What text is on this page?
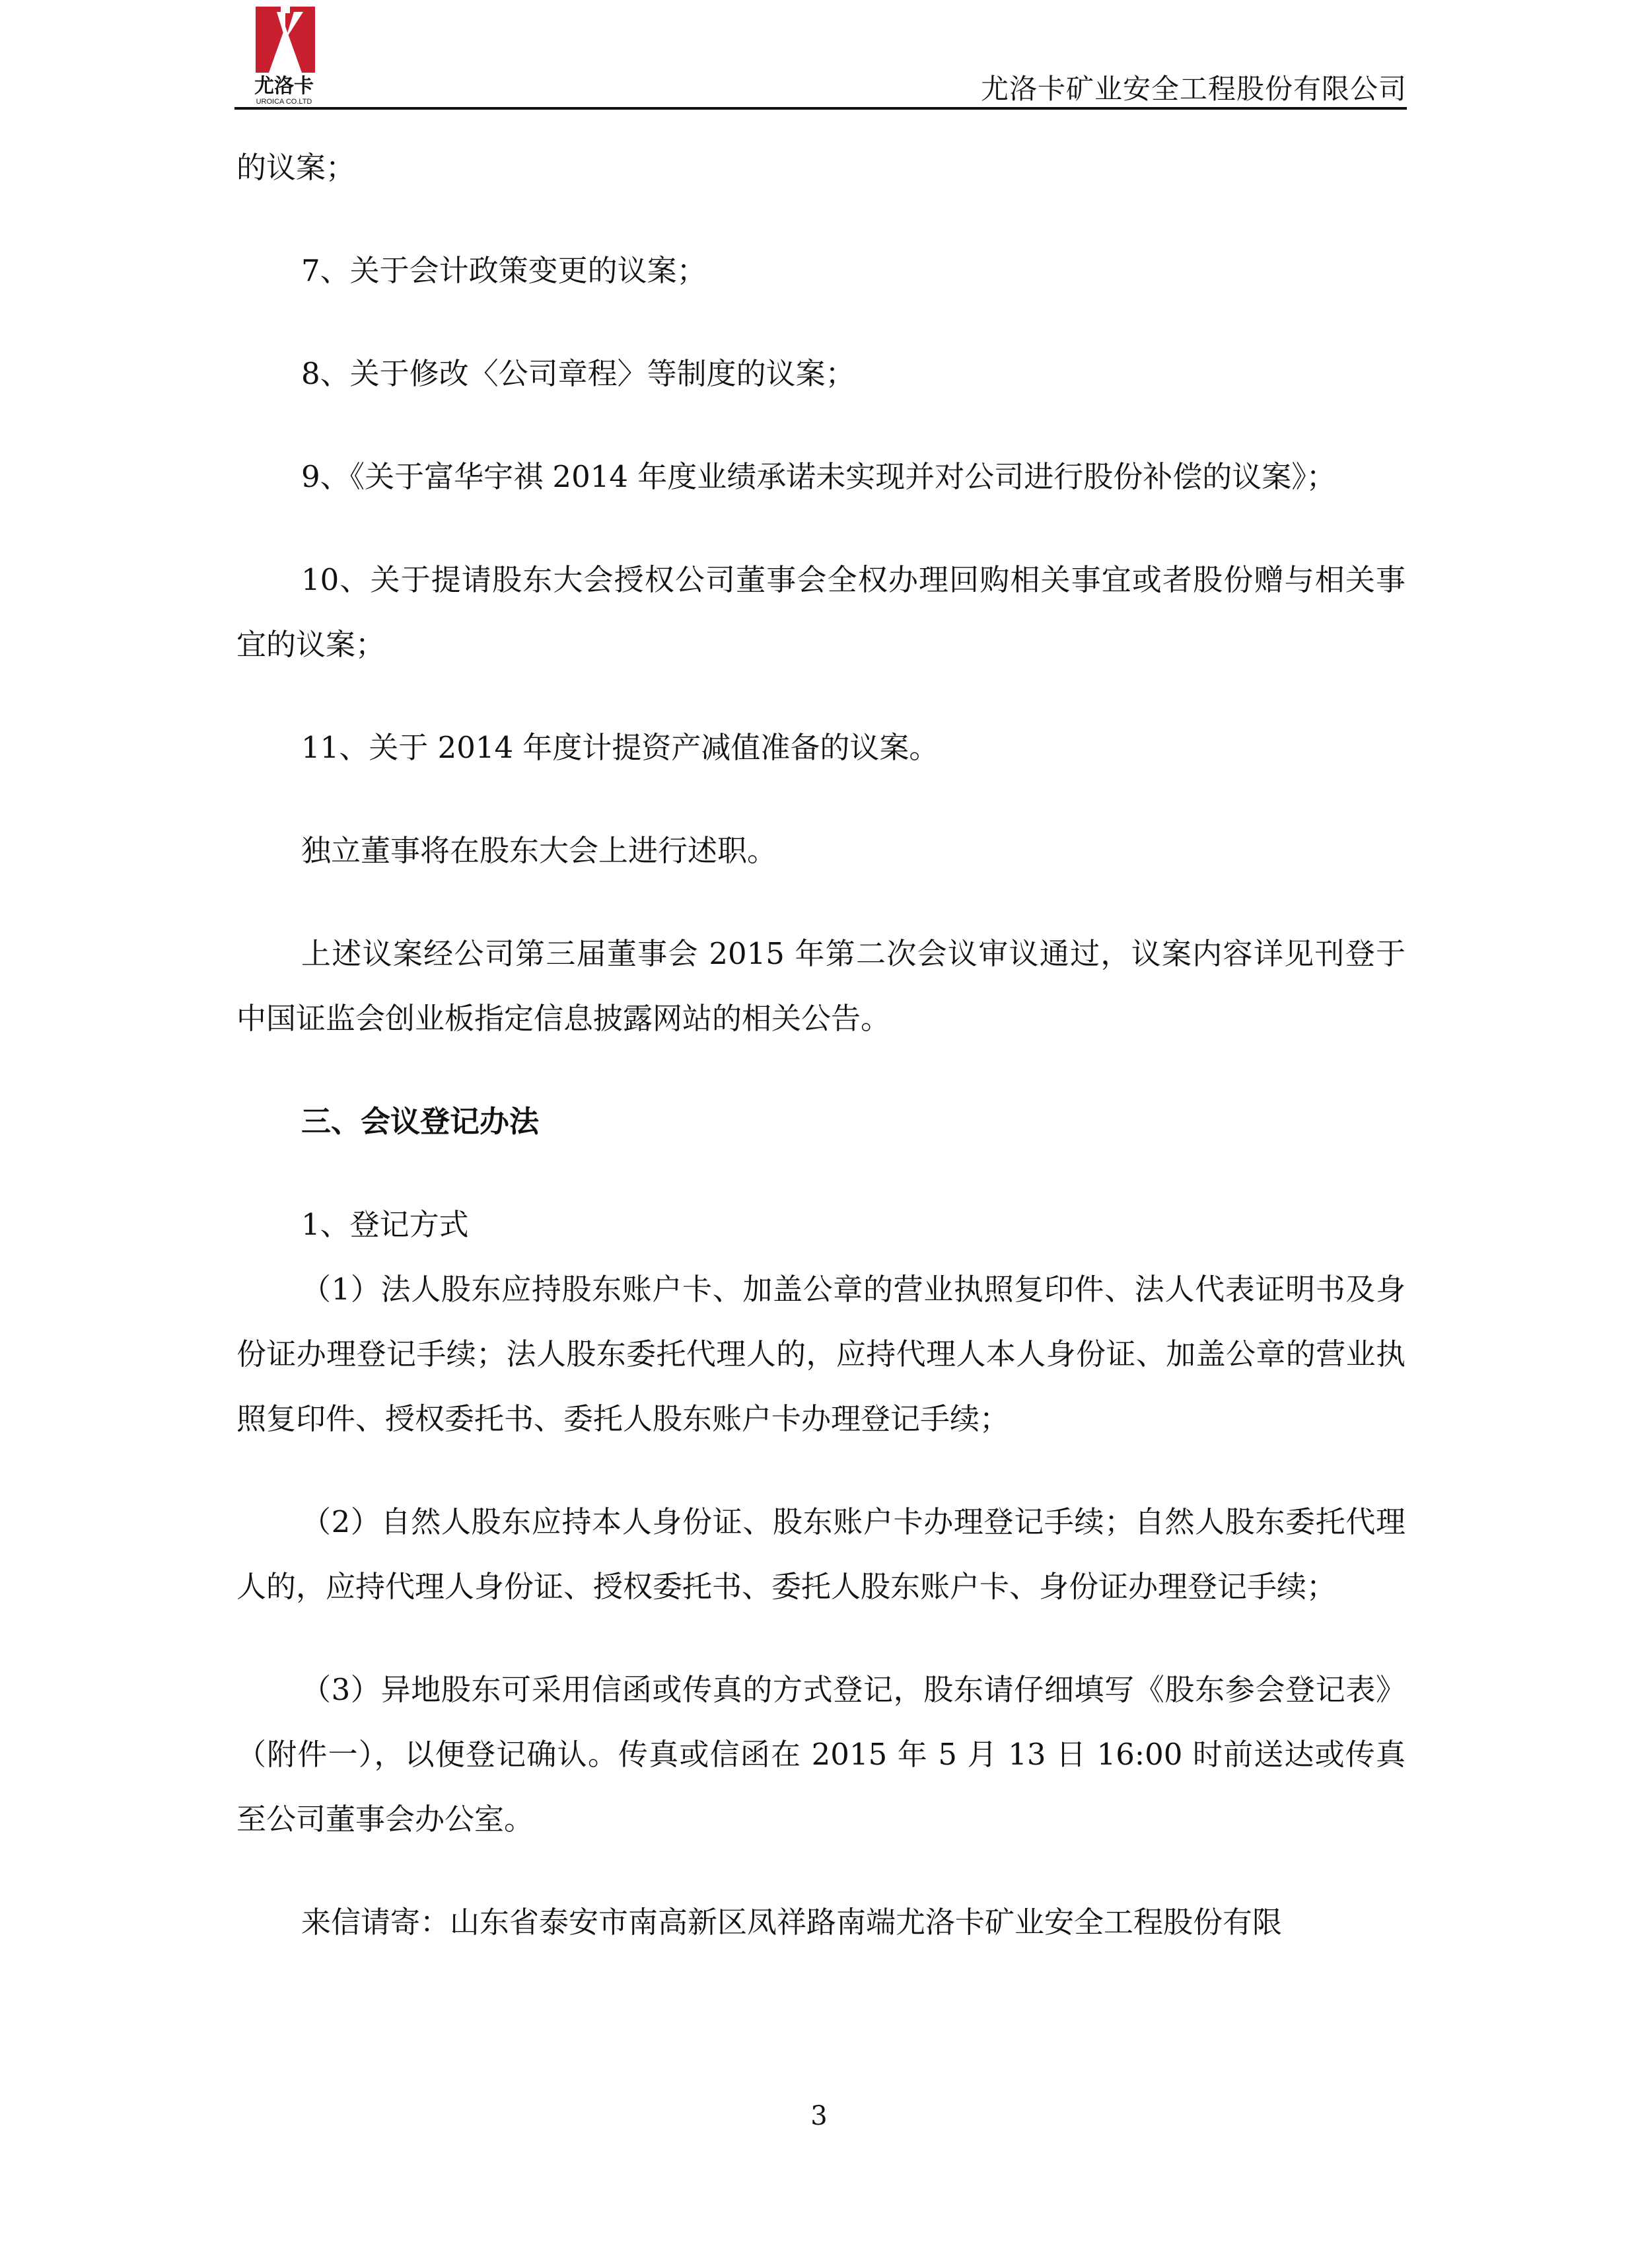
尤洛卡
UROICA CO.LTD	尤洛卡矿业安全工程股份有限公司

的议案；

7、关于会计政策变更的议案；

8、关于修改〈公司章程〉等制度的议案；

9、《关于富华宇祺 2014 年度业绩承诺未实现并对公司进行股份补偿的议案》；

10、关于提请股东大会授权公司董事会全权办理回购相关事宜或者股份赠与相关事宜的议案；

11、关于 2014 年度计提资产减值准备的议案。

独立董事将在股东大会上进行述职。

上述议案经公司第三届董事会 2015 年第二次会议审议通过，议案内容详见刊登于中国证监会创业板指定信息披露网站的相关公告。

三、会议登记办法

1、登记方式

（1）法人股东应持股东账户卡、加盖公章的营业执照复印件、法人代表证明书及身份证办理登记手续；法人股东委托代理人的，应持代理人本人身份证、加盖公章的营业执照复印件、授权委托书、委托人股东账户卡办理登记手续；

（2）自然人股东应持本人身份证、股东账户卡办理登记手续；自然人股东委托代理人的，应持代理人身份证、授权委托书、委托人股东账户卡、身份证办理登记手续；

（3）异地股东可采用信函或传真的方式登记，股东请仔细填写《股东参会登记表》（附件一），以便登记确认。传真或信函在 2015 年 5 月 13 日 16:00 时前送达或传真至公司董事会办公室。

来信请寄：山东省泰安市南高新区凤祥路南端尤洛卡矿业安全工程股份有限

3
